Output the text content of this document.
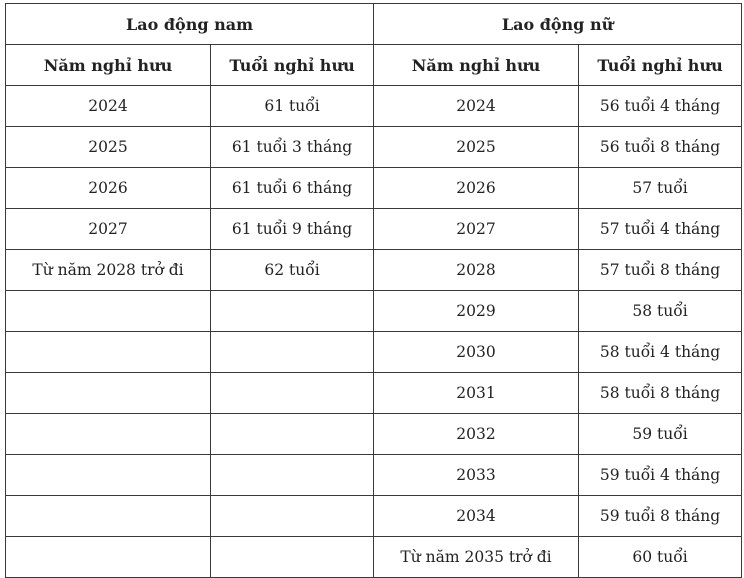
Lao động nam		Lao động nữ	
Năm nghỉ hưu	Tuổi nghỉ hưu	Năm nghỉ hưu	Tuổi nghỉ hưu
2024	61 tuổi	2024	56 tuổi 4 tháng
2025	61 tuổi 3 tháng	2025	56 tuổi 8 tháng
2026	61 tuổi 6 tháng	2026	57 tuổi
2027	61 tuổi 9 tháng	2027	57 tuổi 4 tháng
Từ năm 2028 trở đi	62 tuổi	2028	57 tuổi 8 tháng
		2029	58 tuổi
		2030	58 tuổi 4 tháng
		2031	58 tuổi 8 tháng
		2032	59 tuổi
		2033	59 tuổi 4 tháng
		2034	59 tuổi 8 tháng
		Từ năm 2035 trở đi	60 tuổi
